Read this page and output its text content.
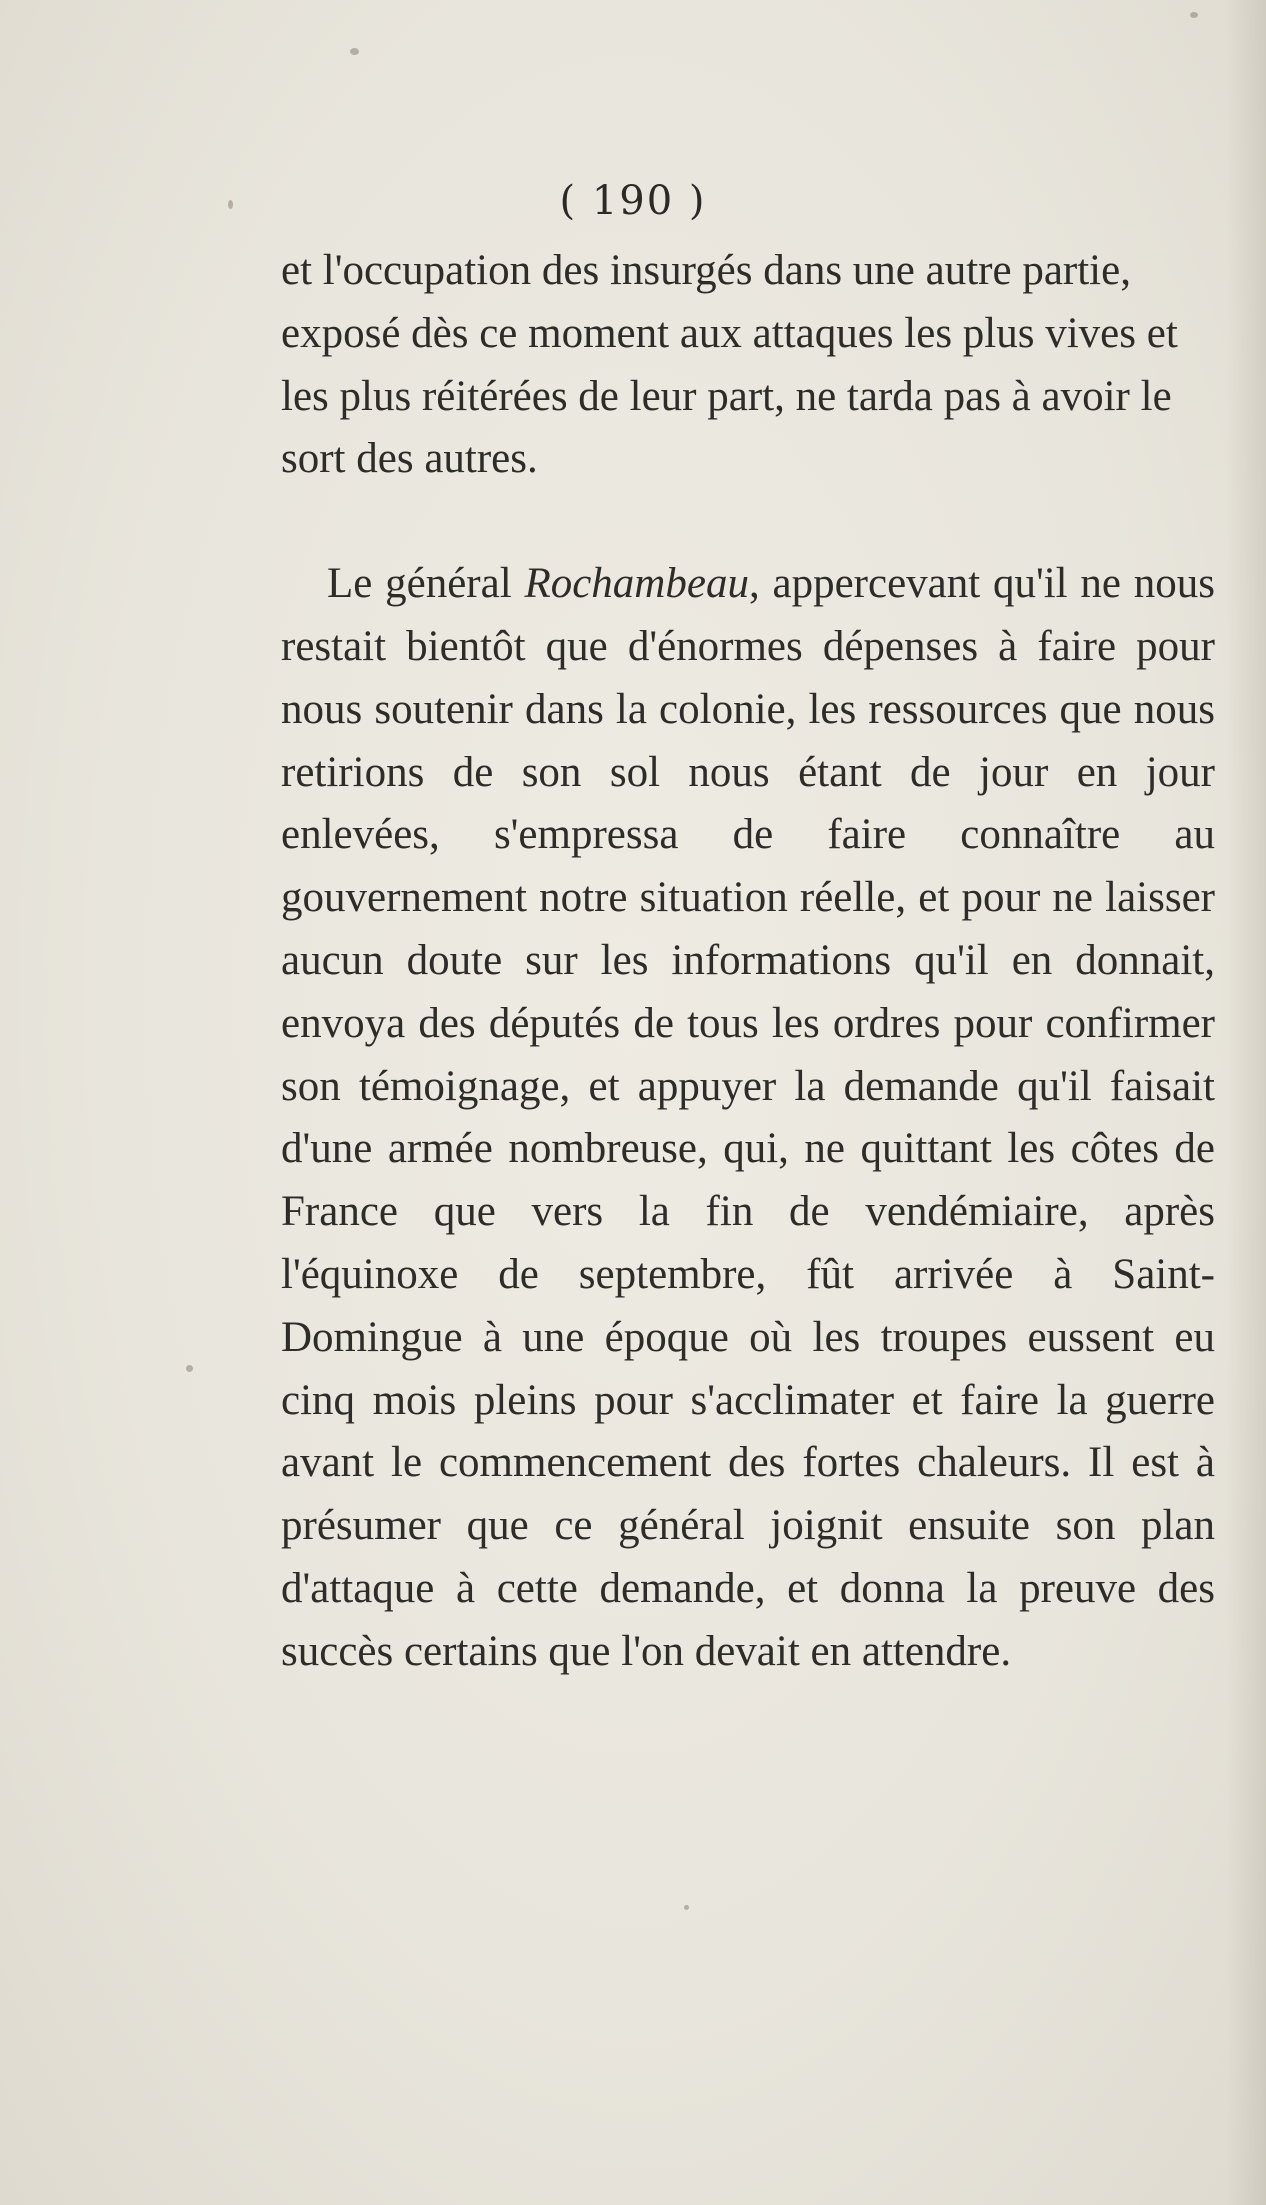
( 190 )

et l'occupation des insurgés dans une autre partie, exposé dès ce moment aux attaques les plus vives et les plus réitérées de leur part, ne tarda pas à avoir le sort des autres.

Le général Rochambeau, appercevant qu'il ne nous restait bientôt que d'énormes dépenses à faire pour nous soutenir dans la colonie, les ressources que nous retirions de son sol nous étant de jour en jour enlevées, s'empressa de faire connaître au gouvernement notre situation réelle, et pour ne laisser aucun doute sur les informations qu'il en donnait, envoya des députés de tous les ordres pour confirmer son témoignage, et appuyer la demande qu'il faisait d'une armée nombreuse, qui, ne quittant les côtes de France que vers la fin de vendémiaire, après l'équinoxe de septembre, fût arrivée à Saint-Domingue à une époque où les troupes eussent eu cinq mois pleins pour s'acclimater et faire la guerre avant le commencement des fortes chaleurs. Il est à présumer que ce général joignit ensuite son plan d'attaque à cette demande, et donna la preuve des succès certains que l'on devait en attendre.
